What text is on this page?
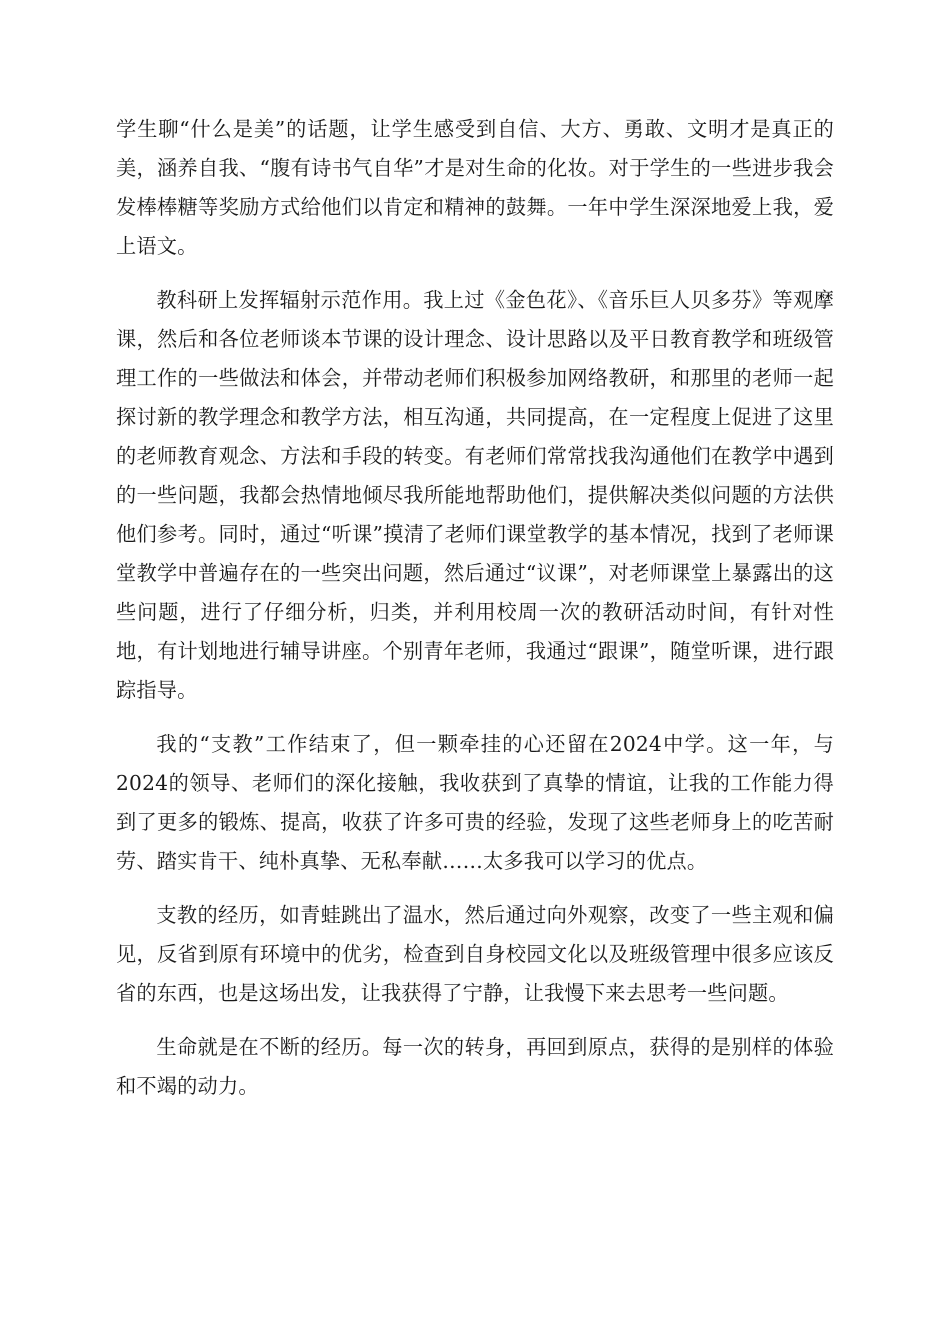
学生聊“什么是美”的话题，让学生感受到自信、大方、勇敢、文明才是真正的美，涵养自我、“腹有诗书气自华”才是对生命的化妆。对于学生的一些进步我会发棒棒糖等奖励方式给他们以肯定和精神的鼓舞。一年中学生深深地爱上我，爱上语文。

教科研上发挥辐射示范作用。我上过《金色花》、《音乐巨人贝多芬》等观摩课，然后和各位老师谈本节课的设计理念、设计思路以及平日教育教学和班级管理工作的一些做法和体会，并带动老师们积极参加网络教研，和那里的老师一起探讨新的教学理念和教学方法，相互沟通，共同提高，在一定程度上促进了这里的老师教育观念、方法和手段的转变。有老师们常常找我沟通他们在教学中遇到的一些问题，我都会热情地倾尽我所能地帮助他们，提供解决类似问题的方法供他们参考。同时，通过“听课”摸清了老师们课堂教学的基本情况，找到了老师课堂教学中普遍存在的一些突出问题，然后通过“议课”，对老师课堂上暴露出的这些问题，进行了仔细分析，归类，并利用校周一次的教研活动时间，有针对性地，有计划地进行辅导讲座。个别青年老师，我通过“跟课”，随堂听课，进行跟踪指导。

我的“支教”工作结束了，但一颗牵挂的心还留在2024中学。这一年，与2024的领导、老师们的深化接触，我收获到了真挚的情谊，让我的工作能力得到了更多的锻炼、提高，收获了许多可贵的经验，发现了这些老师身上的吃苦耐劳、踏实肯干、纯朴真挚、无私奉献……太多我可以学习的优点。

支教的经历，如青蛙跳出了温水，然后通过向外观察，改变了一些主观和偏见，反省到原有环境中的优劣，检查到自身校园文化以及班级管理中很多应该反省的东西，也是这场出发，让我获得了宁静，让我慢下来去思考一些问题。

生命就是在不断的经历。每一次的转身，再回到原点，获得的是别样的体验和不竭的动力。
